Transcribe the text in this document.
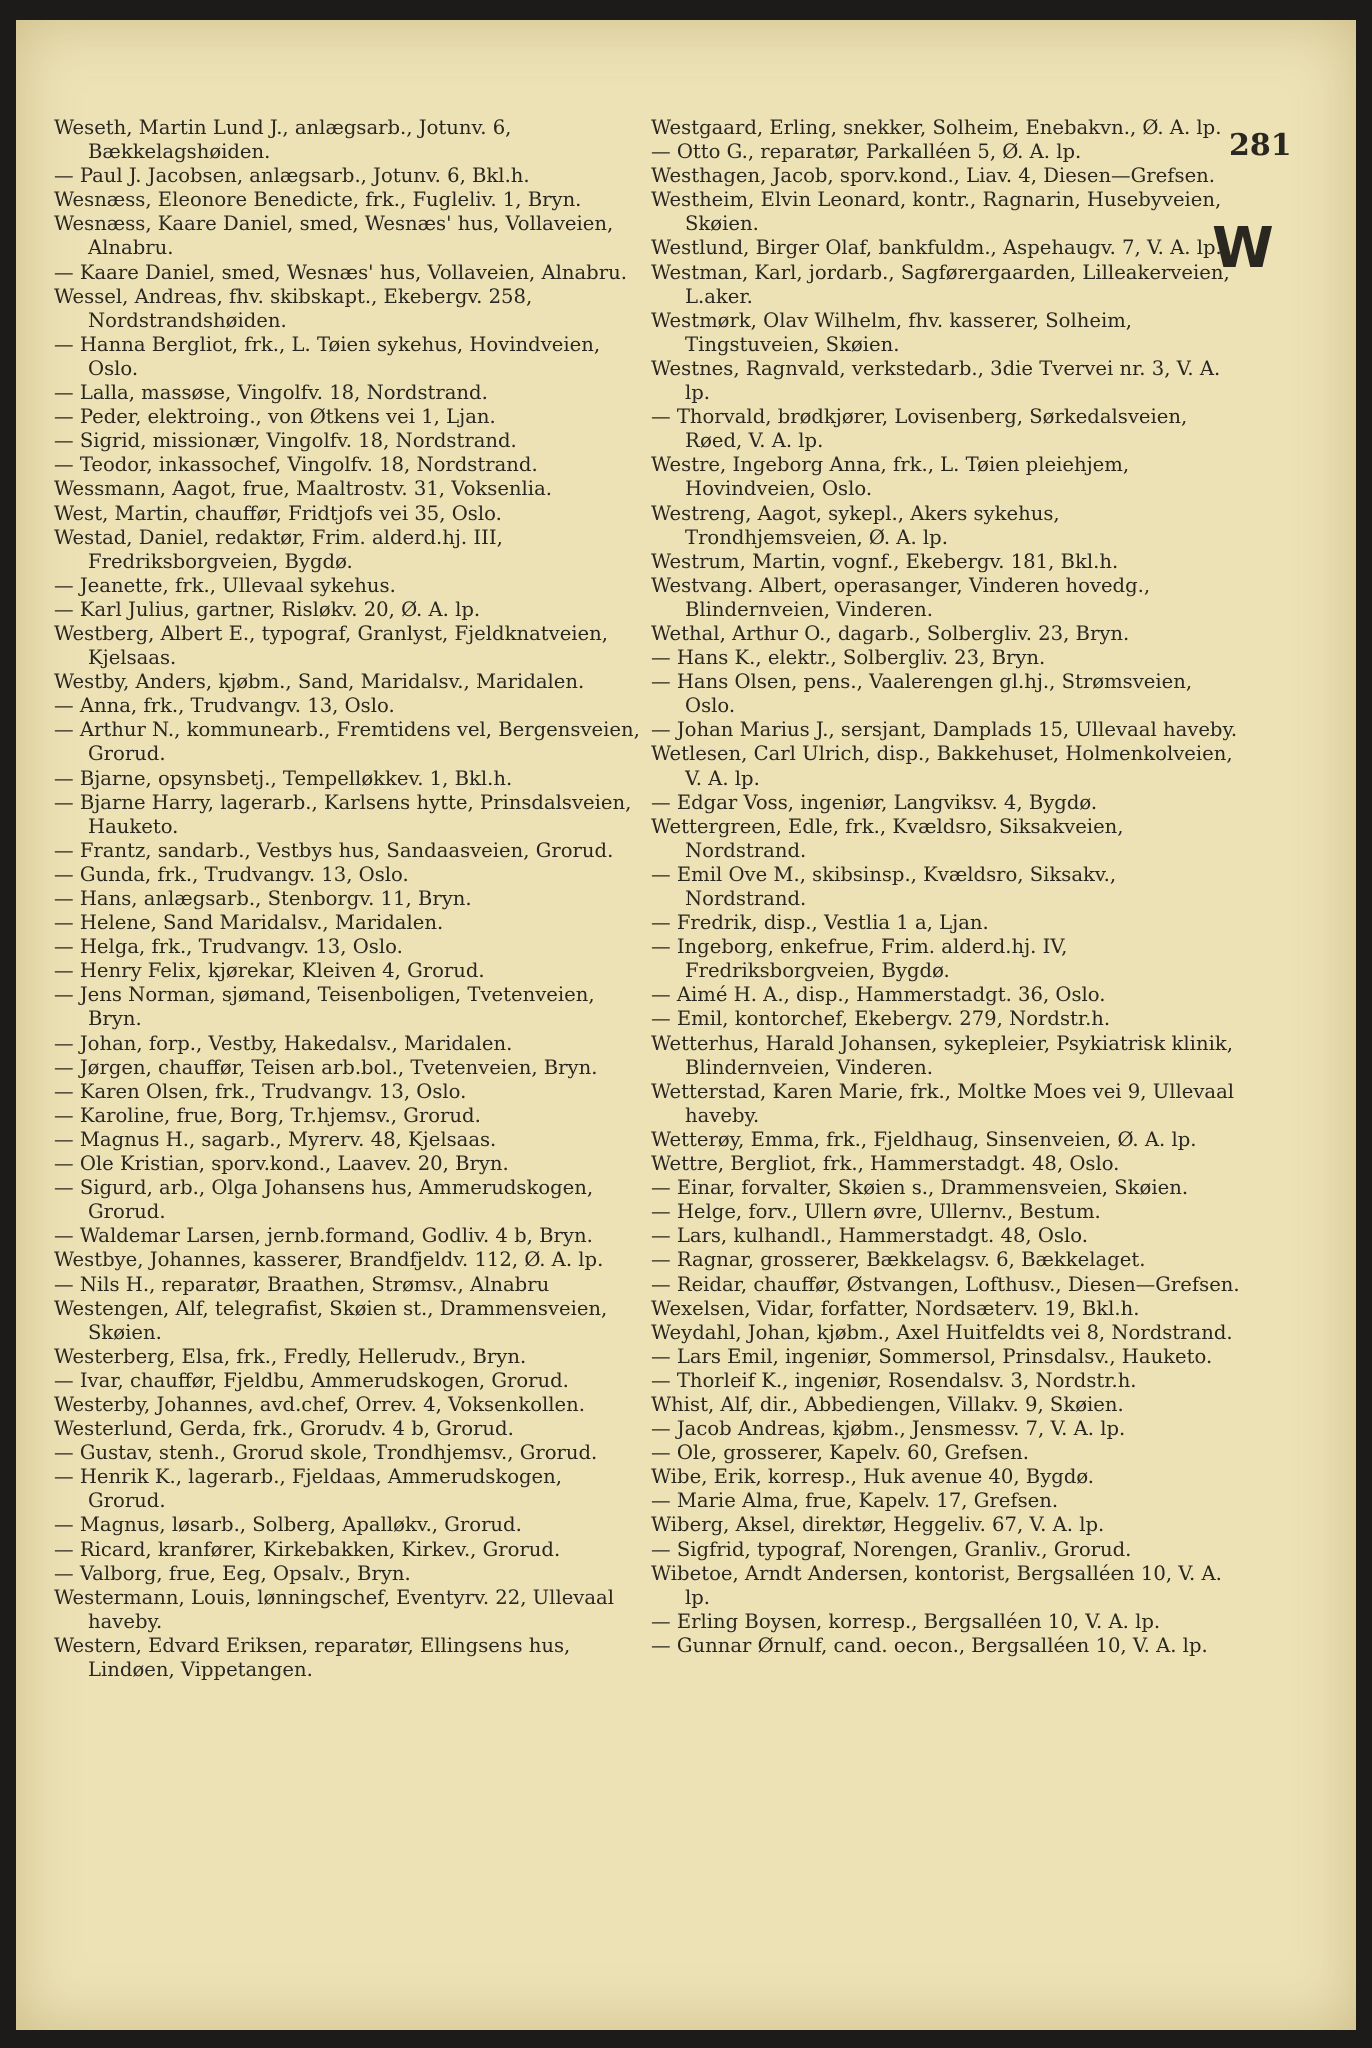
Weseth, Martin Lund J., anlægsarb., Jotunv. 6, Bækkelagshøiden.

— Paul J. Jacobsen, anlægsarb., Jotunv. 6, Bkl.h.

Wesnæss, Eleonore Benedicte, frk., Fugleliv. 1, Bryn.

Wesnæss, Kaare Daniel, smed, Wesnæs' hus, Vollaveien, Alnabru.

— Kaare Daniel, smed, Wesnæs' hus, Vollaveien, Alnabru.

Wessel, Andreas, fhv. skibskapt., Ekebergv. 258, Nordstrandshøiden.

— Hanna Bergliot, frk., L. Tøien sykehus, Hovindveien, Oslo.

— Lalla, massøse, Vingolfv. 18, Nordstrand.

— Peder, elektroing., von Øtkens vei 1, Ljan.

— Sigrid, missionær, Vingolfv. 18, Nordstrand.

— Teodor, inkassochef, Vingolfv. 18, Nordstrand.

Wessmann, Aagot, frue, Maaltrostv. 31, Voksenlia.

West, Martin, chauffør, Fridtjofs vei 35, Oslo.

Westad, Daniel, redaktør, Frim. alderd.hj. III, Fredriksborgveien, Bygdø.

— Jeanette, frk., Ullevaal sykehus.

— Karl Julius, gartner, Risløkv. 20, Ø. A. lp.

Westberg, Albert E., typograf, Granlyst, Fjeldknatveien, Kjelsaas.

Westby, Anders, kjøbm., Sand, Maridalsv., Maridalen.

— Anna, frk., Trudvangv. 13, Oslo.

— Arthur N., kommunearb., Fremtidens vel, Bergensveien, Grorud.

— Bjarne, opsynsbetj., Tempelløkkev. 1, Bkl.h.

— Bjarne Harry, lagerarb., Karlsens hytte, Prinsdalsveien, Hauketo.

— Frantz, sandarb., Vestbys hus, Sandaasveien, Grorud.

— Gunda, frk., Trudvangv. 13, Oslo.

— Hans, anlægsarb., Stenborgv. 11, Bryn.

— Helene, Sand Maridalsv., Maridalen.

— Helga, frk., Trudvangv. 13, Oslo.

— Henry Felix, kjørekar, Kleiven 4, Grorud.

— Jens Norman, sjømand, Teisenboligen, Tvetenveien, Bryn.

— Johan, forp., Vestby, Hakedalsv., Maridalen.

— Jørgen, chauffør, Teisen arb.bol., Tvetenveien, Bryn.

— Karen Olsen, frk., Trudvangv. 13, Oslo.

— Karoline, frue, Borg, Tr.hjemsv., Grorud.

— Magnus H., sagarb., Myrerv. 48, Kjelsaas.

— Ole Kristian, sporv.kond., Laavev. 20, Bryn.

— Sigurd, arb., Olga Johansens hus, Ammerudskogen, Grorud.

— Waldemar Larsen, jernb.formand, Godliv. 4 b, Bryn.

Westbye, Johannes, kasserer, Brandfjeldv. 112, Ø. A. lp.

— Nils H., reparatør, Braathen, Strømsv., Alnabru

Westengen, Alf, telegrafist, Skøien st., Drammensveien, Skøien.

Westerberg, Elsa, frk., Fredly, Hellerudv., Bryn.

— Ivar, chauffør, Fjeldbu, Ammerudskogen, Grorud.

Westerby, Johannes, avd.chef, Orrev. 4, Voksenkollen.

Westerlund, Gerda, frk., Grorudv. 4 b, Grorud.

— Gustav, stenh., Grorud skole, Trondhjemsv., Grorud.

— Henrik K., lagerarb., Fjeldaas, Ammerudskogen, Grorud.

— Magnus, løsarb., Solberg, Apalløkv., Grorud.

— Ricard, kranfører, Kirkebakken, Kirkev., Grorud.

— Valborg, frue, Eeg, Opsalv., Bryn.

Westermann, Louis, lønningschef, Eventyrv. 22, Ullevaal haveby.

Western, Edvard Eriksen, reparatør, Ellingsens hus, Lindøen, Vippetangen.

Westgaard, Erling, snekker, Solheim, Enebakvn., Ø. A. lp.

— Otto G., reparatør, Parkalléen 5, Ø. A. lp.

Westhagen, Jacob, sporv.kond., Liav. 4, Diesen—Grefsen.

Westheim, Elvin Leonard, kontr., Ragnarin, Husebyveien, Skøien.

Westlund, Birger Olaf, bankfuldm., Aspehaugv. 7, V. A. lp.

Westman, Karl, jordarb., Sagførergaarden, Lilleakerveien, L.aker.

Westmørk, Olav Wilhelm, fhv. kasserer, Solheim, Tingstuveien, Skøien.

Westnes, Ragnvald, verkstedarb., 3die Tvervei nr. 3, V. A. lp.

— Thorvald, brødkjører, Lovisenberg, Sørkedalsveien, Røed, V. A. lp.

Westre, Ingeborg Anna, frk., L. Tøien pleiehjem, Hovindveien, Oslo.

Westreng, Aagot, sykepl., Akers sykehus, Trondhjemsveien, Ø. A. lp.

Westrum, Martin, vognf., Ekebergv. 181, Bkl.h.

Westvang. Albert, operasanger, Vinderen hovedg., Blindernveien, Vinderen.

Wethal, Arthur O., dagarb., Solbergliv. 23, Bryn.

— Hans K., elektr., Solbergliv. 23, Bryn.

— Hans Olsen, pens., Vaalerengen gl.hj., Strømsveien, Oslo.

— Johan Marius J., sersjant, Damplads 15, Ullevaal haveby.

Wetlesen, Carl Ulrich, disp., Bakkehuset, Holmenkolveien, V. A. lp.

— Edgar Voss, ingeniør, Langviksv. 4, Bygdø.

Wettergreen, Edle, frk., Kvældsro, Siksakveien, Nordstrand.

— Emil Ove M., skibsinsp., Kvældsro, Siksakv., Nordstrand.

— Fredrik, disp., Vestlia 1 a, Ljan.

— Ingeborg, enkefrue, Frim. alderd.hj. IV, Fredriksborgveien, Bygdø.

— Aimé H. A., disp., Hammerstadgt. 36, Oslo.

— Emil, kontorchef, Ekebergv. 279, Nordstr.h.

Wetterhus, Harald Johansen, sykepleier, Psykiatrisk klinik, Blindernveien, Vinderen.

Wetterstad, Karen Marie, frk., Moltke Moes vei 9, Ullevaal haveby.

Wetterøy, Emma, frk., Fjeldhaug, Sinsenveien, Ø. A. lp.

Wettre, Bergliot, frk., Hammerstadgt. 48, Oslo.

— Einar, forvalter, Skøien s., Drammensveien, Skøien.

— Helge, forv., Ullern øvre, Ullernv., Bestum.

— Lars, kulhandl., Hammerstadgt. 48, Oslo.

— Ragnar, grosserer, Bækkelagsv. 6, Bækkelaget.

— Reidar, chauffør, Østvangen, Lofthusv., Diesen—Grefsen.

Wexelsen, Vidar, forfatter, Nordsæterv. 19, Bkl.h.

Weydahl, Johan, kjøbm., Axel Huitfeldts vei 8, Nordstrand.

— Lars Emil, ingeniør, Sommersol, Prinsdalsv., Hauketo.

— Thorleif K., ingeniør, Rosendalsv. 3, Nordstr.h.

Whist, Alf, dir., Abbediengen, Villakv. 9, Skøien.

— Jacob Andreas, kjøbm., Jensmessv. 7, V. A. lp.

— Ole, grosserer, Kapelv. 60, Grefsen.

Wibe, Erik, korresp., Huk avenue 40, Bygdø.

— Marie Alma, frue, Kapelv. 17, Grefsen.

Wiberg, Aksel, direktør, Heggeliv. 67, V. A. lp.

— Sigfrid, typograf, Norengen, Granliv., Grorud.

Wibetoe, Arndt Andersen, kontorist, Bergsalléen 10, V. A. lp.

— Erling Boysen, korresp., Bergsalléen 10, V. A. lp.

— Gunnar Ørnulf, cand. oecon., Bergsalléen 10, V. A. lp.

281
W
